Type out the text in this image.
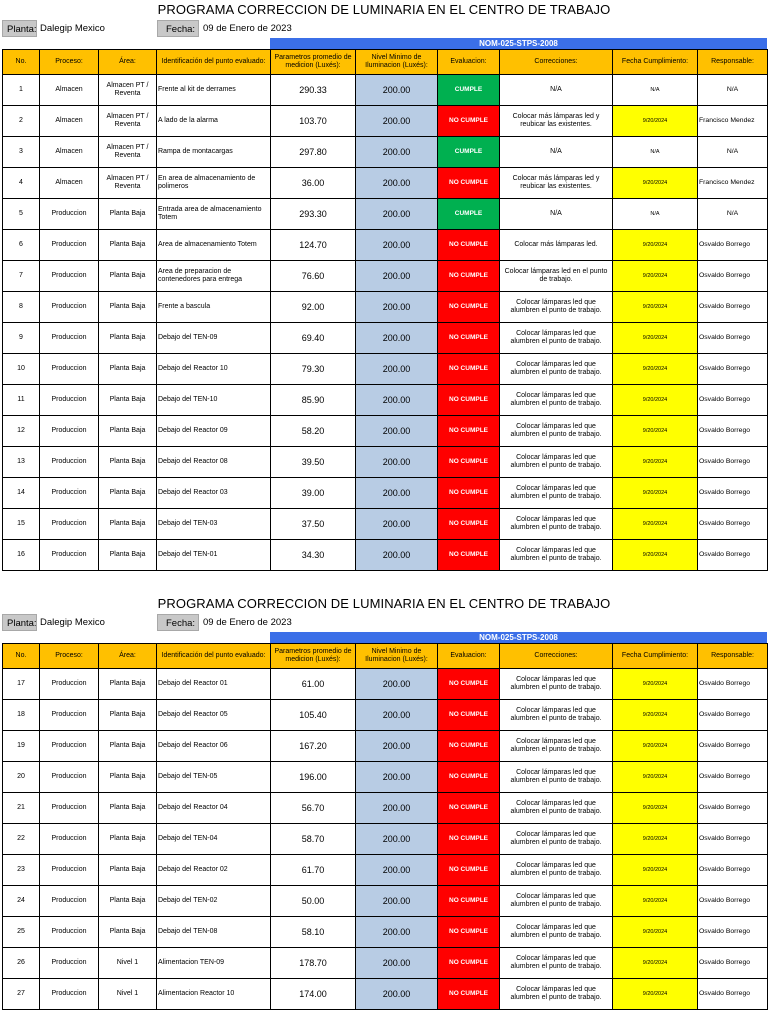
PROGRAMA CORRECCION DE LUMINARIA EN EL CENTRO DE TRABAJO
Planta: Dalegip Mexico	Fecha: 09 de Enero de 2023
NOM-025-STPS-2008
No.	Proceso:	Área:	Identificación del punto evaluado:	Parametros promedio de medicion (Luxés):	Nivel Minimo de Iluminacion (Luxés):	Evaluacion:	Correcciones:	Fecha Cumplimiento:	Responsable:
1	Almacen	Almacen PT / Reventa	Frente al kit de derrames	290.33	200.00	CUMPLE	N/A	N/A	N/A
2	Almacen	Almacen PT / Reventa	A lado de la alarma	103.70	200.00	NO CUMPLE	Colocar más lámparas led y reubicar las existentes.	9/20/2024	Francisco Mendez
3	Almacen	Almacen PT / Reventa	Rampa de montacargas	297.80	200.00	CUMPLE	N/A	N/A	N/A
4	Almacen	Almacen PT / Reventa	En area de almacenamiento de polimeros	36.00	200.00	NO CUMPLE	Colocar más lámparas led y reubicar las existentes.	9/20/2024	Francisco Mendez
5	Produccion	Planta Baja	Entrada area de almacenamiento Totem	293.30	200.00	CUMPLE	N/A	N/A	N/A
6	Produccion	Planta Baja	Area de almacenamiento Totem	124.70	200.00	NO CUMPLE	Colocar más lámparas led.	9/20/2024	Osvaldo Borrego
7	Produccion	Planta Baja	Area de preparacion de contenedores para entrega	76.60	200.00	NO CUMPLE	Colocar lámparas led en el punto de trabajo.	9/20/2024	Osvaldo Borrego
8	Produccion	Planta Baja	Frente a bascula	92.00	200.00	NO CUMPLE	Colocar lámparas led que alumbren el punto de trabajo.	9/20/2024	Osvaldo Borrego
9	Produccion	Planta Baja	Debajo del TEN-09	69.40	200.00	NO CUMPLE	Colocar lámparas led que alumbren el punto de trabajo.	9/20/2024	Osvaldo Borrego
10	Produccion	Planta Baja	Debajo del Reactor 10	79.30	200.00	NO CUMPLE	Colocar lámparas led que alumbren el punto de trabajo.	9/20/2024	Osvaldo Borrego
11	Produccion	Planta Baja	Debajo del TEN-10	85.90	200.00	NO CUMPLE	Colocar lámparas led que alumbren el punto de trabajo.	9/20/2024	Osvaldo Borrego
12	Produccion	Planta Baja	Debajo del Reactor 09	58.20	200.00	NO CUMPLE	Colocar lámparas led que alumbren el punto de trabajo.	9/20/2024	Osvaldo Borrego
13	Produccion	Planta Baja	Debajo del Reactor 08	39.50	200.00	NO CUMPLE	Colocar lámparas led que alumbren el punto de trabajo.	9/20/2024	Osvaldo Borrego
14	Produccion	Planta Baja	Debajo del Reactor 03	39.00	200.00	NO CUMPLE	Colocar lámparas led que alumbren el punto de trabajo.	9/20/2024	Osvaldo Borrego
15	Produccion	Planta Baja	Debajo del TEN-03	37.50	200.00	NO CUMPLE	Colocar lámparas led que alumbren el punto de trabajo.	9/20/2024	Osvaldo Borrego
16	Produccion	Planta Baja	Debajo del TEN-01	34.30	200.00	NO CUMPLE	Colocar lámparas led que alumbren el punto de trabajo.	9/20/2024	Osvaldo Borrego
PROGRAMA CORRECCION DE LUMINARIA EN EL CENTRO DE TRABAJO
Planta: Dalegip Mexico	Fecha: 09 de Enero de 2023
NOM-025-STPS-2008
No.	Proceso:	Área:	Identificación del punto evaluado:	Parametros promedio de medicion (Luxés):	Nivel Minimo de Iluminacion (Luxés):	Evaluacion:	Correcciones:	Fecha Cumplimiento:	Responsable:
17	Produccion	Planta Baja	Debajo del Reactor 01	61.00	200.00	NO CUMPLE	Colocar lámparas led que alumbren el punto de trabajo.	9/20/2024	Osvaldo Borrego
18	Produccion	Planta Baja	Debajo del Reactor 05	105.40	200.00	NO CUMPLE	Colocar lámparas led que alumbren el punto de trabajo.	9/20/2024	Osvaldo Borrego
19	Produccion	Planta Baja	Debajo del Reactor 06	167.20	200.00	NO CUMPLE	Colocar lámparas led que alumbren el punto de trabajo.	9/20/2024	Osvaldo Borrego
20	Produccion	Planta Baja	Debajo del TEN-05	196.00	200.00	NO CUMPLE	Colocar lámparas led que alumbren el punto de trabajo.	9/20/2024	Osvaldo Borrego
21	Produccion	Planta Baja	Debajo del Reactor 04	56.70	200.00	NO CUMPLE	Colocar lámparas led que alumbren el punto de trabajo.	9/20/2024	Osvaldo Borrego
22	Produccion	Planta Baja	Debajo del TEN-04	58.70	200.00	NO CUMPLE	Colocar lámparas led que alumbren el punto de trabajo.	9/20/2024	Osvaldo Borrego
23	Produccion	Planta Baja	Debajo del Reactor 02	61.70	200.00	NO CUMPLE	Colocar lámparas led que alumbren el punto de trabajo.	9/20/2024	Osvaldo Borrego
24	Produccion	Planta Baja	Debajo del TEN-02	50.00	200.00	NO CUMPLE	Colocar lámparas led que alumbren el punto de trabajo.	9/20/2024	Osvaldo Borrego
25	Produccion	Planta Baja	Debajo del TEN-08	58.10	200.00	NO CUMPLE	Colocar lámparas led que alumbren el punto de trabajo.	9/20/2024	Osvaldo Borrego
26	Produccion	Nivel 1	Alimentacion TEN-09	178.70	200.00	NO CUMPLE	Colocar lámparas led que alumbren el punto de trabajo.	9/20/2024	Osvaldo Borrego
27	Produccion	Nivel 1	Alimentacion Reactor 10	174.00	200.00	NO CUMPLE	Colocar lámparas led que alumbren el punto de trabajo.	9/20/2024	Osvaldo Borrego
